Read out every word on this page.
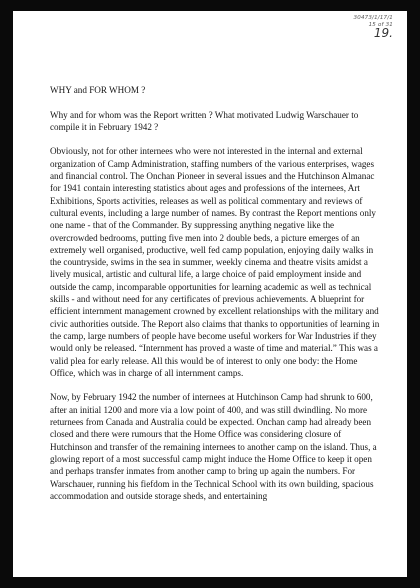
30473/1/17/1
15 of 31
19.

WHY and FOR WHOM ?

Why and for whom was the Report written ? What motivated Ludwig Warschauer to compile it in February 1942 ?

Obviously, not for other internees who were not interested in the internal and external organization of Camp Administration, staffing numbers of the various enterprises, wages and financial control. The Onchan Pioneer in several issues and the Hutchinson Almanac for 1941 contain interesting statistics about ages and professions of the internees, Art Exhibitions, Sports activities, releases as well as political commentary and reviews of cultural events, including a large number of names. By contrast the Report mentions only one name - that of the Commander. By suppressing anything negative like the overcrowded bedrooms, putting five men into 2 double beds, a picture emerges of an extremely well organised, productive, well fed camp population, enjoying daily walks in the countryside, swims in the sea in summer, weekly cinema and theatre visits amidst a lively musical, artistic and cultural life, a large choice of paid employment inside and outside the camp, incomparable opportunities for learning academic as well as technical skills - and without need for any certificates of previous achievements. A blueprint for efficient internment management crowned by excellent relationships with the military and civic authorities outside. The Report also claims that thanks to opportunities of learning in the camp, large numbers of people have become useful workers for War Industries if they would only be released. “Internment has proved a waste of time and material.” This was a valid plea for early release. All this would be of interest to only one body: the Home Office, which was in charge of all internment camps.

Now, by February 1942 the number of internees at Hutchinson Camp had shrunk to 600, after an initial 1200 and more via a low point of 400, and was still dwindling. No more returnees from Canada and Australia could be expected. Onchan camp had already been closed and there were rumours that the Home Office was considering closure of Hutchinson and transfer of the remaining internees to another camp on the island. Thus, a glowing report of a most successful camp might induce the Home Office to keep it open and perhaps transfer inmates from another camp to bring up again the numbers. For Warschauer, running his fiefdom in the Technical School with its own building, spacious accommodation and outside storage sheds, and entertaining
